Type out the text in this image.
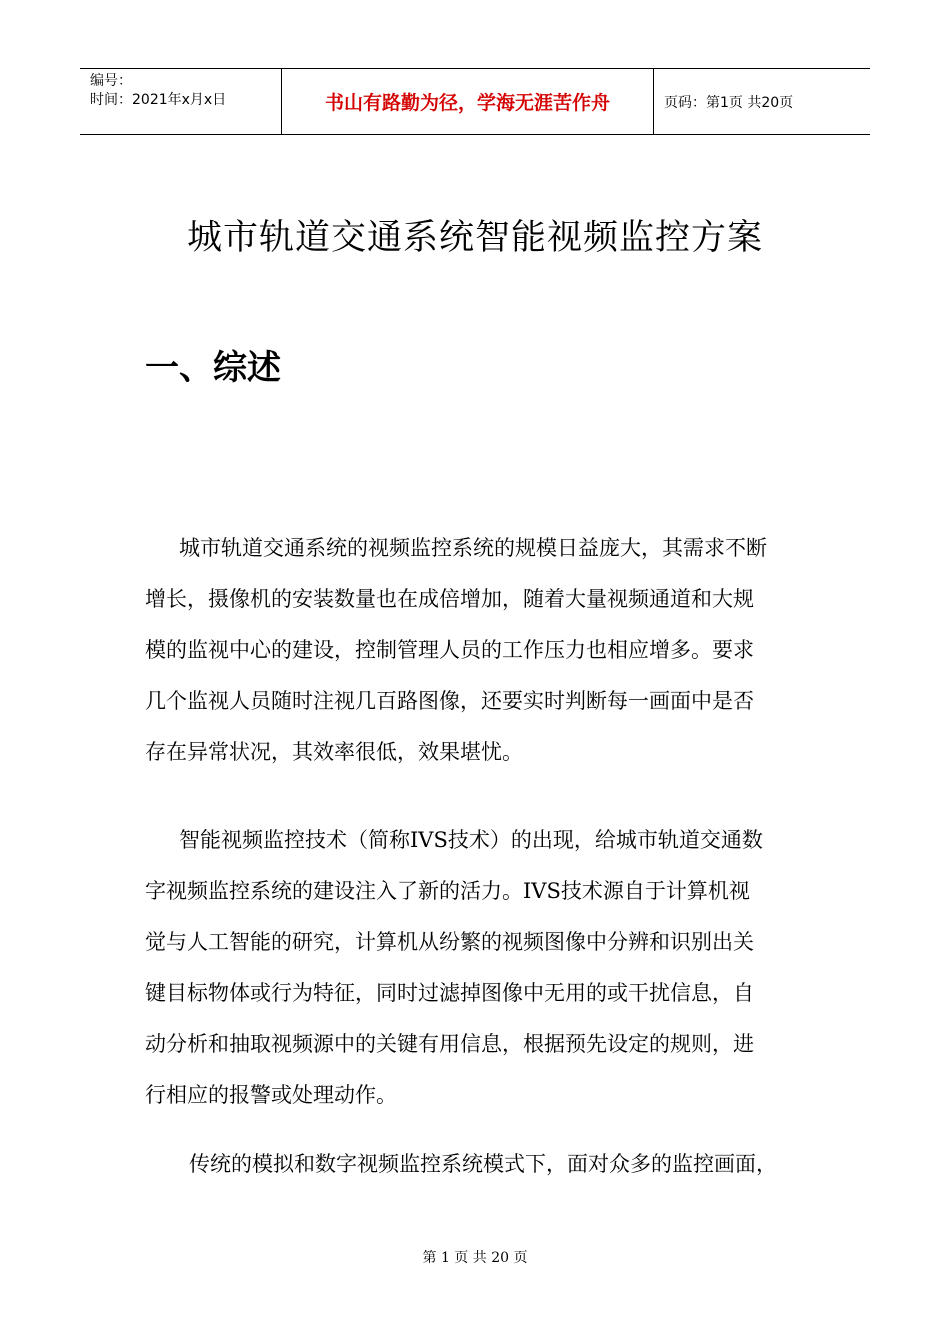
编号：
时间：2021年x月x日	书山有路勤为径，学海无涯苦作舟	页码：第1页 共20页
城市轨道交通系统智能视频监控方案
一、综述
城市轨道交通系统的视频监控系统的规模日益庞大，其需求不断
增长，摄像机的安装数量也在成倍增加，随着大量视频通道和大规
模的监视中心的建设，控制管理人员的工作压力也相应增多。要求
几个监视人员随时注视几百路图像，还要实时判断每一画面中是否
存在异常状况，其效率很低，效果堪忧。
智能视频监控技术（简称IVS技术）的出现，给城市轨道交通数
字视频监控系统的建设注入了新的活力。IVS技术源自于计算机视
觉与人工智能的研究，计算机从纷繁的视频图像中分辨和识别出关
键目标物体或行为特征，同时过滤掉图像中无用的或干扰信息，自
动分析和抽取视频源中的关键有用信息，根据预先设定的规则，进
行相应的报警或处理动作。
传统的模拟和数字视频监控系统模式下，面对众多的监控画面，
第 1 页 共 20 页
